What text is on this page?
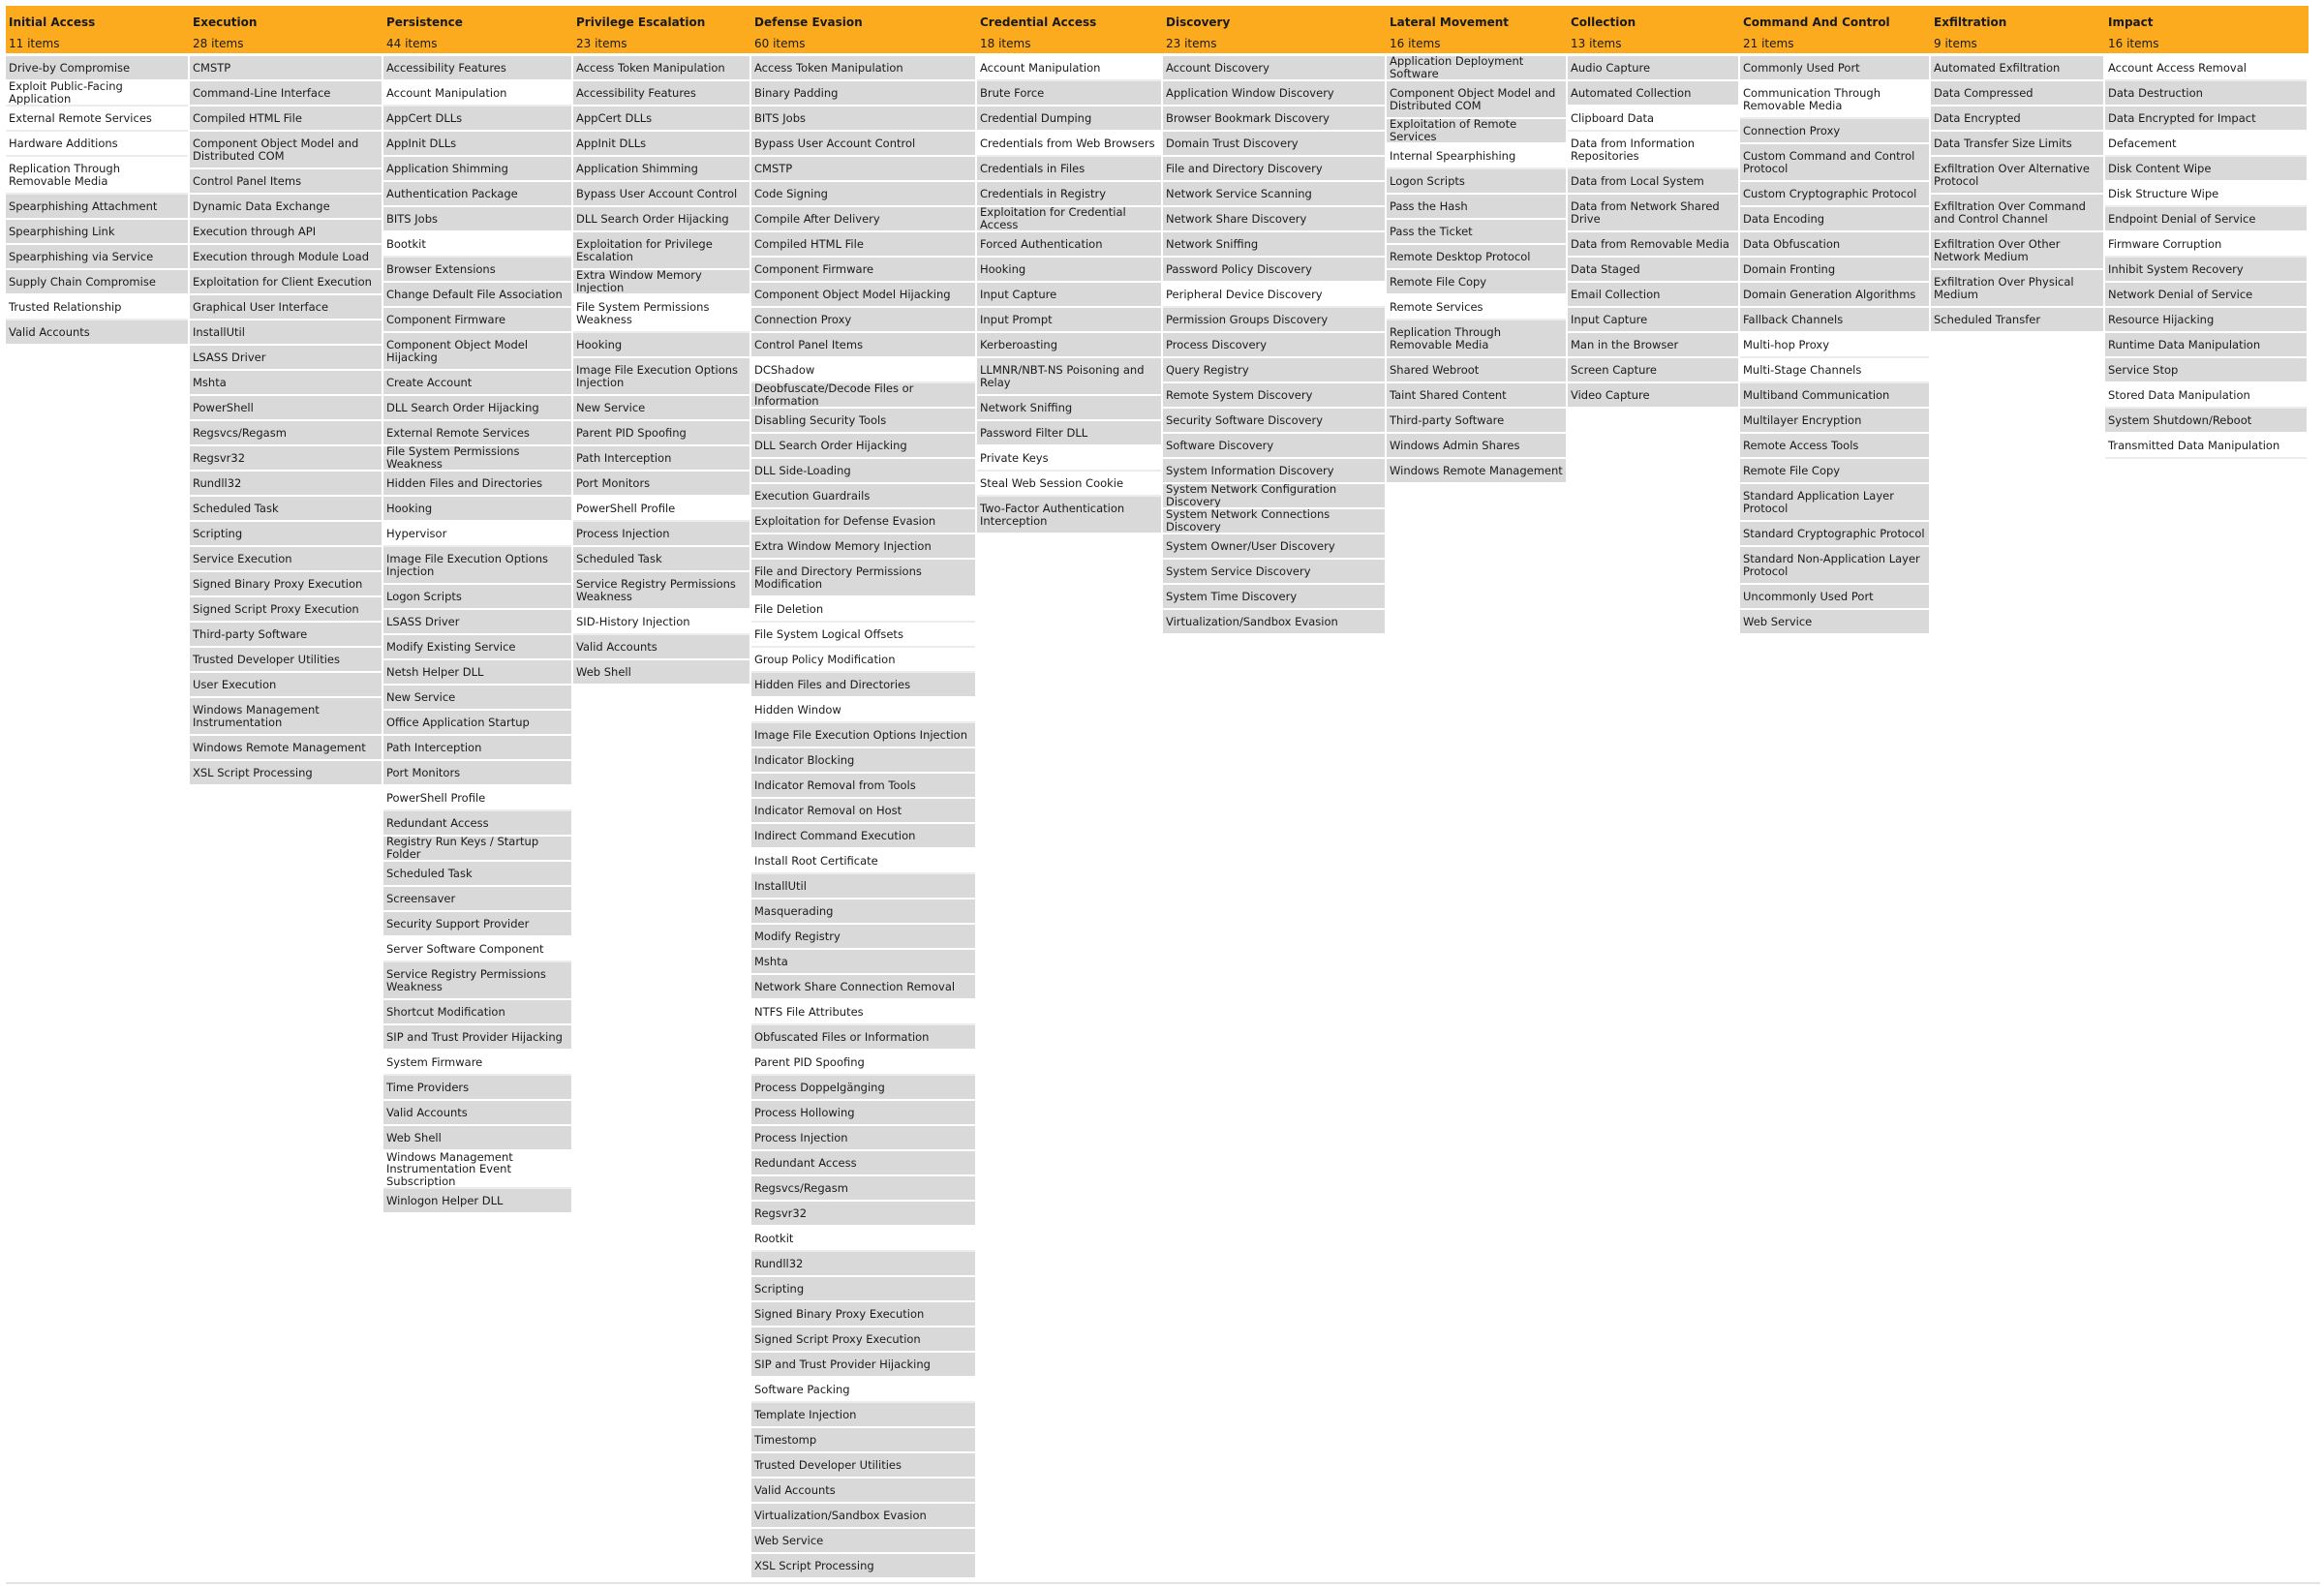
Initial Access
11 items
Drive-by Compromise
Exploit Public-Facing Application
External Remote Services
Hardware Additions
Replication Through Removable Media
Spearphishing Attachment
Spearphishing Link
Spearphishing via Service
Supply Chain Compromise
Trusted Relationship
Valid Accounts
Execution
28 items
CMSTP
Command-Line Interface
Compiled HTML File
Component Object Model and Distributed COM
Control Panel Items
Dynamic Data Exchange
Execution through API
Execution through Module Load
Exploitation for Client Execution
Graphical User Interface
InstallUtil
LSASS Driver
Mshta
PowerShell
Regsvcs/Regasm
Regsvr32
Rundll32
Scheduled Task
Scripting
Service Execution
Signed Binary Proxy Execution
Signed Script Proxy Execution
Third-party Software
Trusted Developer Utilities
User Execution
Windows Management Instrumentation
Windows Remote Management
XSL Script Processing
Persistence
44 items
Accessibility Features
Account Manipulation
AppCert DLLs
AppInit DLLs
Application Shimming
Authentication Package
BITS Jobs
Bootkit
Browser Extensions
Change Default File Association
Component Firmware
Component Object Model Hijacking
Create Account
DLL Search Order Hijacking
External Remote Services
File System Permissions Weakness
Hidden Files and Directories
Hooking
Hypervisor
Image File Execution Options Injection
Logon Scripts
LSASS Driver
Modify Existing Service
Netsh Helper DLL
New Service
Office Application Startup
Path Interception
Port Monitors
PowerShell Profile
Redundant Access
Registry Run Keys / Startup Folder
Scheduled Task
Screensaver
Security Support Provider
Server Software Component
Service Registry Permissions Weakness
Shortcut Modification
SIP and Trust Provider Hijacking
System Firmware
Time Providers
Valid Accounts
Web Shell
Windows Management Instrumentation Event Subscription
Winlogon Helper DLL
Privilege Escalation
23 items
Access Token Manipulation
Accessibility Features
AppCert DLLs
AppInit DLLs
Application Shimming
Bypass User Account Control
DLL Search Order Hijacking
Exploitation for Privilege Escalation
Extra Window Memory Injection
File System Permissions Weakness
Hooking
Image File Execution Options Injection
New Service
Parent PID Spoofing
Path Interception
Port Monitors
PowerShell Profile
Process Injection
Scheduled Task
Service Registry Permissions Weakness
SID-History Injection
Valid Accounts
Web Shell
Defense Evasion
60 items
Access Token Manipulation
Binary Padding
BITS Jobs
Bypass User Account Control
CMSTP
Code Signing
Compile After Delivery
Compiled HTML File
Component Firmware
Component Object Model Hijacking
Connection Proxy
Control Panel Items
DCShadow
Deobfuscate/Decode Files or Information
Disabling Security Tools
DLL Search Order Hijacking
DLL Side-Loading
Execution Guardrails
Exploitation for Defense Evasion
Extra Window Memory Injection
File and Directory Permissions Modification
File Deletion
File System Logical Offsets
Group Policy Modification
Hidden Files and Directories
Hidden Window
Image File Execution Options Injection
Indicator Blocking
Indicator Removal from Tools
Indicator Removal on Host
Indirect Command Execution
Install Root Certificate
InstallUtil
Masquerading
Modify Registry
Mshta
Network Share Connection Removal
NTFS File Attributes
Obfuscated Files or Information
Parent PID Spoofing
Process Doppelgänging
Process Hollowing
Process Injection
Redundant Access
Regsvcs/Regasm
Regsvr32
Rootkit
Rundll32
Scripting
Signed Binary Proxy Execution
Signed Script Proxy Execution
SIP and Trust Provider Hijacking
Software Packing
Template Injection
Timestomp
Trusted Developer Utilities
Valid Accounts
Virtualization/Sandbox Evasion
Web Service
XSL Script Processing
Credential Access
18 items
Account Manipulation
Brute Force
Credential Dumping
Credentials from Web Browsers
Credentials in Files
Credentials in Registry
Exploitation for Credential Access
Forced Authentication
Hooking
Input Capture
Input Prompt
Kerberoasting
LLMNR/NBT-NS Poisoning and Relay
Network Sniffing
Password Filter DLL
Private Keys
Steal Web Session Cookie
Two-Factor Authentication Interception
Discovery
23 items
Account Discovery
Application Window Discovery
Browser Bookmark Discovery
Domain Trust Discovery
File and Directory Discovery
Network Service Scanning
Network Share Discovery
Network Sniffing
Password Policy Discovery
Peripheral Device Discovery
Permission Groups Discovery
Process Discovery
Query Registry
Remote System Discovery
Security Software Discovery
Software Discovery
System Information Discovery
System Network Configuration Discovery
System Network Connections Discovery
System Owner/User Discovery
System Service Discovery
System Time Discovery
Virtualization/Sandbox Evasion
Lateral Movement
16 items
Application Deployment Software
Component Object Model and Distributed COM
Exploitation of Remote Services
Internal Spearphishing
Logon Scripts
Pass the Hash
Pass the Ticket
Remote Desktop Protocol
Remote File Copy
Remote Services
Replication Through Removable Media
Shared Webroot
Taint Shared Content
Third-party Software
Windows Admin Shares
Windows Remote Management
Collection
13 items
Audio Capture
Automated Collection
Clipboard Data
Data from Information Repositories
Data from Local System
Data from Network Shared Drive
Data from Removable Media
Data Staged
Email Collection
Input Capture
Man in the Browser
Screen Capture
Video Capture
Command And Control
21 items
Commonly Used Port
Communication Through Removable Media
Connection Proxy
Custom Command and Control Protocol
Custom Cryptographic Protocol
Data Encoding
Data Obfuscation
Domain Fronting
Domain Generation Algorithms
Fallback Channels
Multi-hop Proxy
Multi-Stage Channels
Multiband Communication
Multilayer Encryption
Remote Access Tools
Remote File Copy
Standard Application Layer Protocol
Standard Cryptographic Protocol
Standard Non-Application Layer Protocol
Uncommonly Used Port
Web Service
Exfiltration
9 items
Automated Exfiltration
Data Compressed
Data Encrypted
Data Transfer Size Limits
Exfiltration Over Alternative Protocol
Exfiltration Over Command and Control Channel
Exfiltration Over Other Network Medium
Exfiltration Over Physical Medium
Scheduled Transfer
Impact
16 items
Account Access Removal
Data Destruction
Data Encrypted for Impact
Defacement
Disk Content Wipe
Disk Structure Wipe
Endpoint Denial of Service
Firmware Corruption
Inhibit System Recovery
Network Denial of Service
Resource Hijacking
Runtime Data Manipulation
Service Stop
Stored Data Manipulation
System Shutdown/Reboot
Transmitted Data Manipulation
